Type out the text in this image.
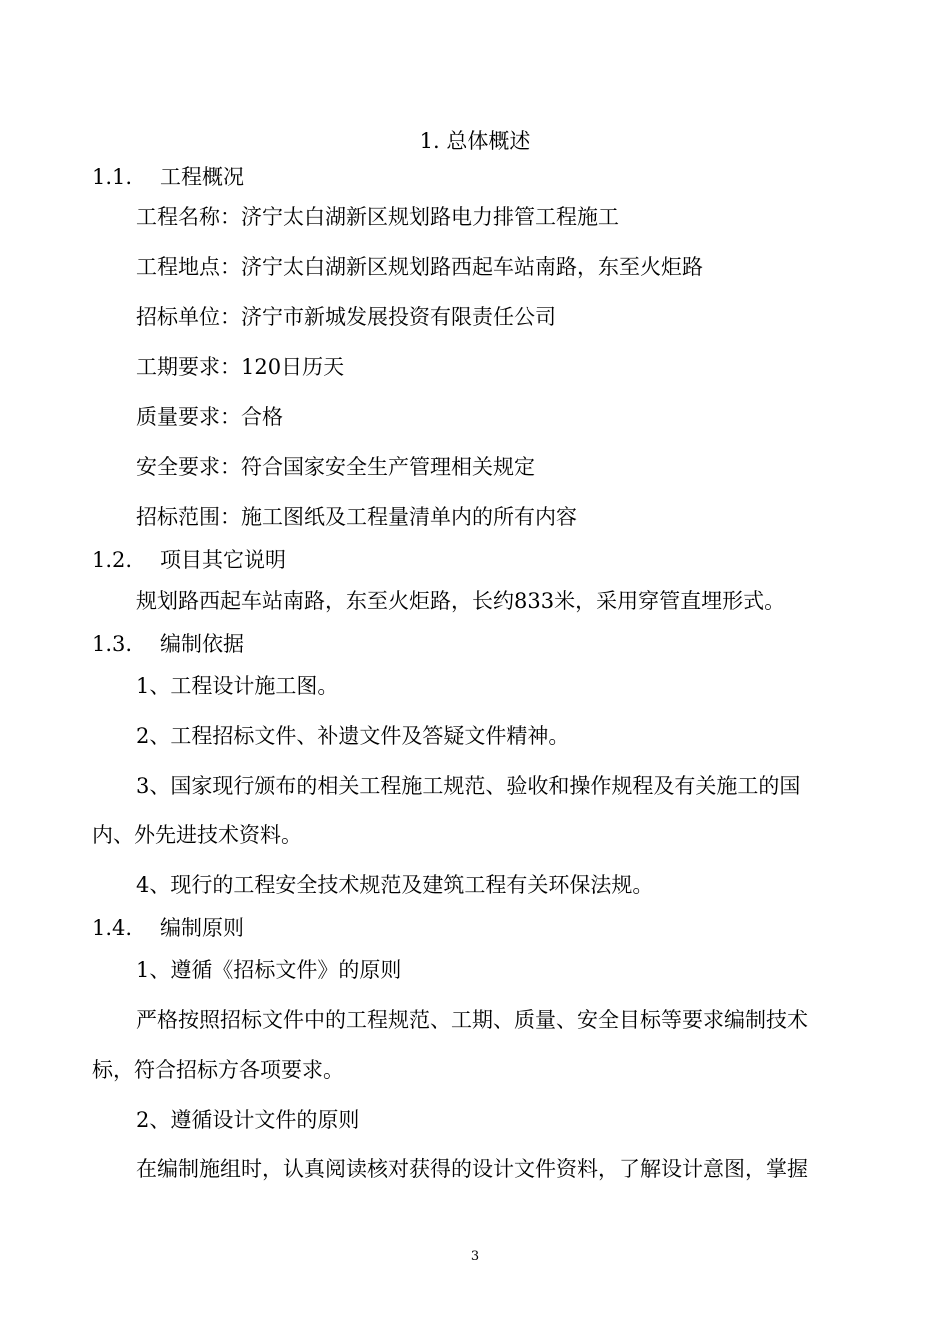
1. 总体概述
1.1. 工程概况
工程名称：济宁太白湖新区规划路电力排管工程施工
工程地点：济宁太白湖新区规划路西起车站南路，东至火炬路
招标单位：济宁市新城发展投资有限责任公司
工期要求：120日历天
质量要求：合格
安全要求：符合国家安全生产管理相关规定
招标范围：施工图纸及工程量清单内的所有内容
1.2. 项目其它说明
规划路西起车站南路，东至火炬路，长约833米，采用穿管直埋形式。
1.3. 编制依据
1、工程设计施工图。
2、工程招标文件、补遗文件及答疑文件精神。
3、国家现行颁布的相关工程施工规范、验收和操作规程及有关施工的国
内、外先进技术资料。
4、现行的工程安全技术规范及建筑工程有关环保法规。
1.4. 编制原则
1、遵循《招标文件》的原则
严格按照招标文件中的工程规范、工期、质量、安全目标等要求编制技术
标，符合招标方各项要求。
2、遵循设计文件的原则
在编制施组时，认真阅读核对获得的设计文件资料，了解设计意图，掌握
3
